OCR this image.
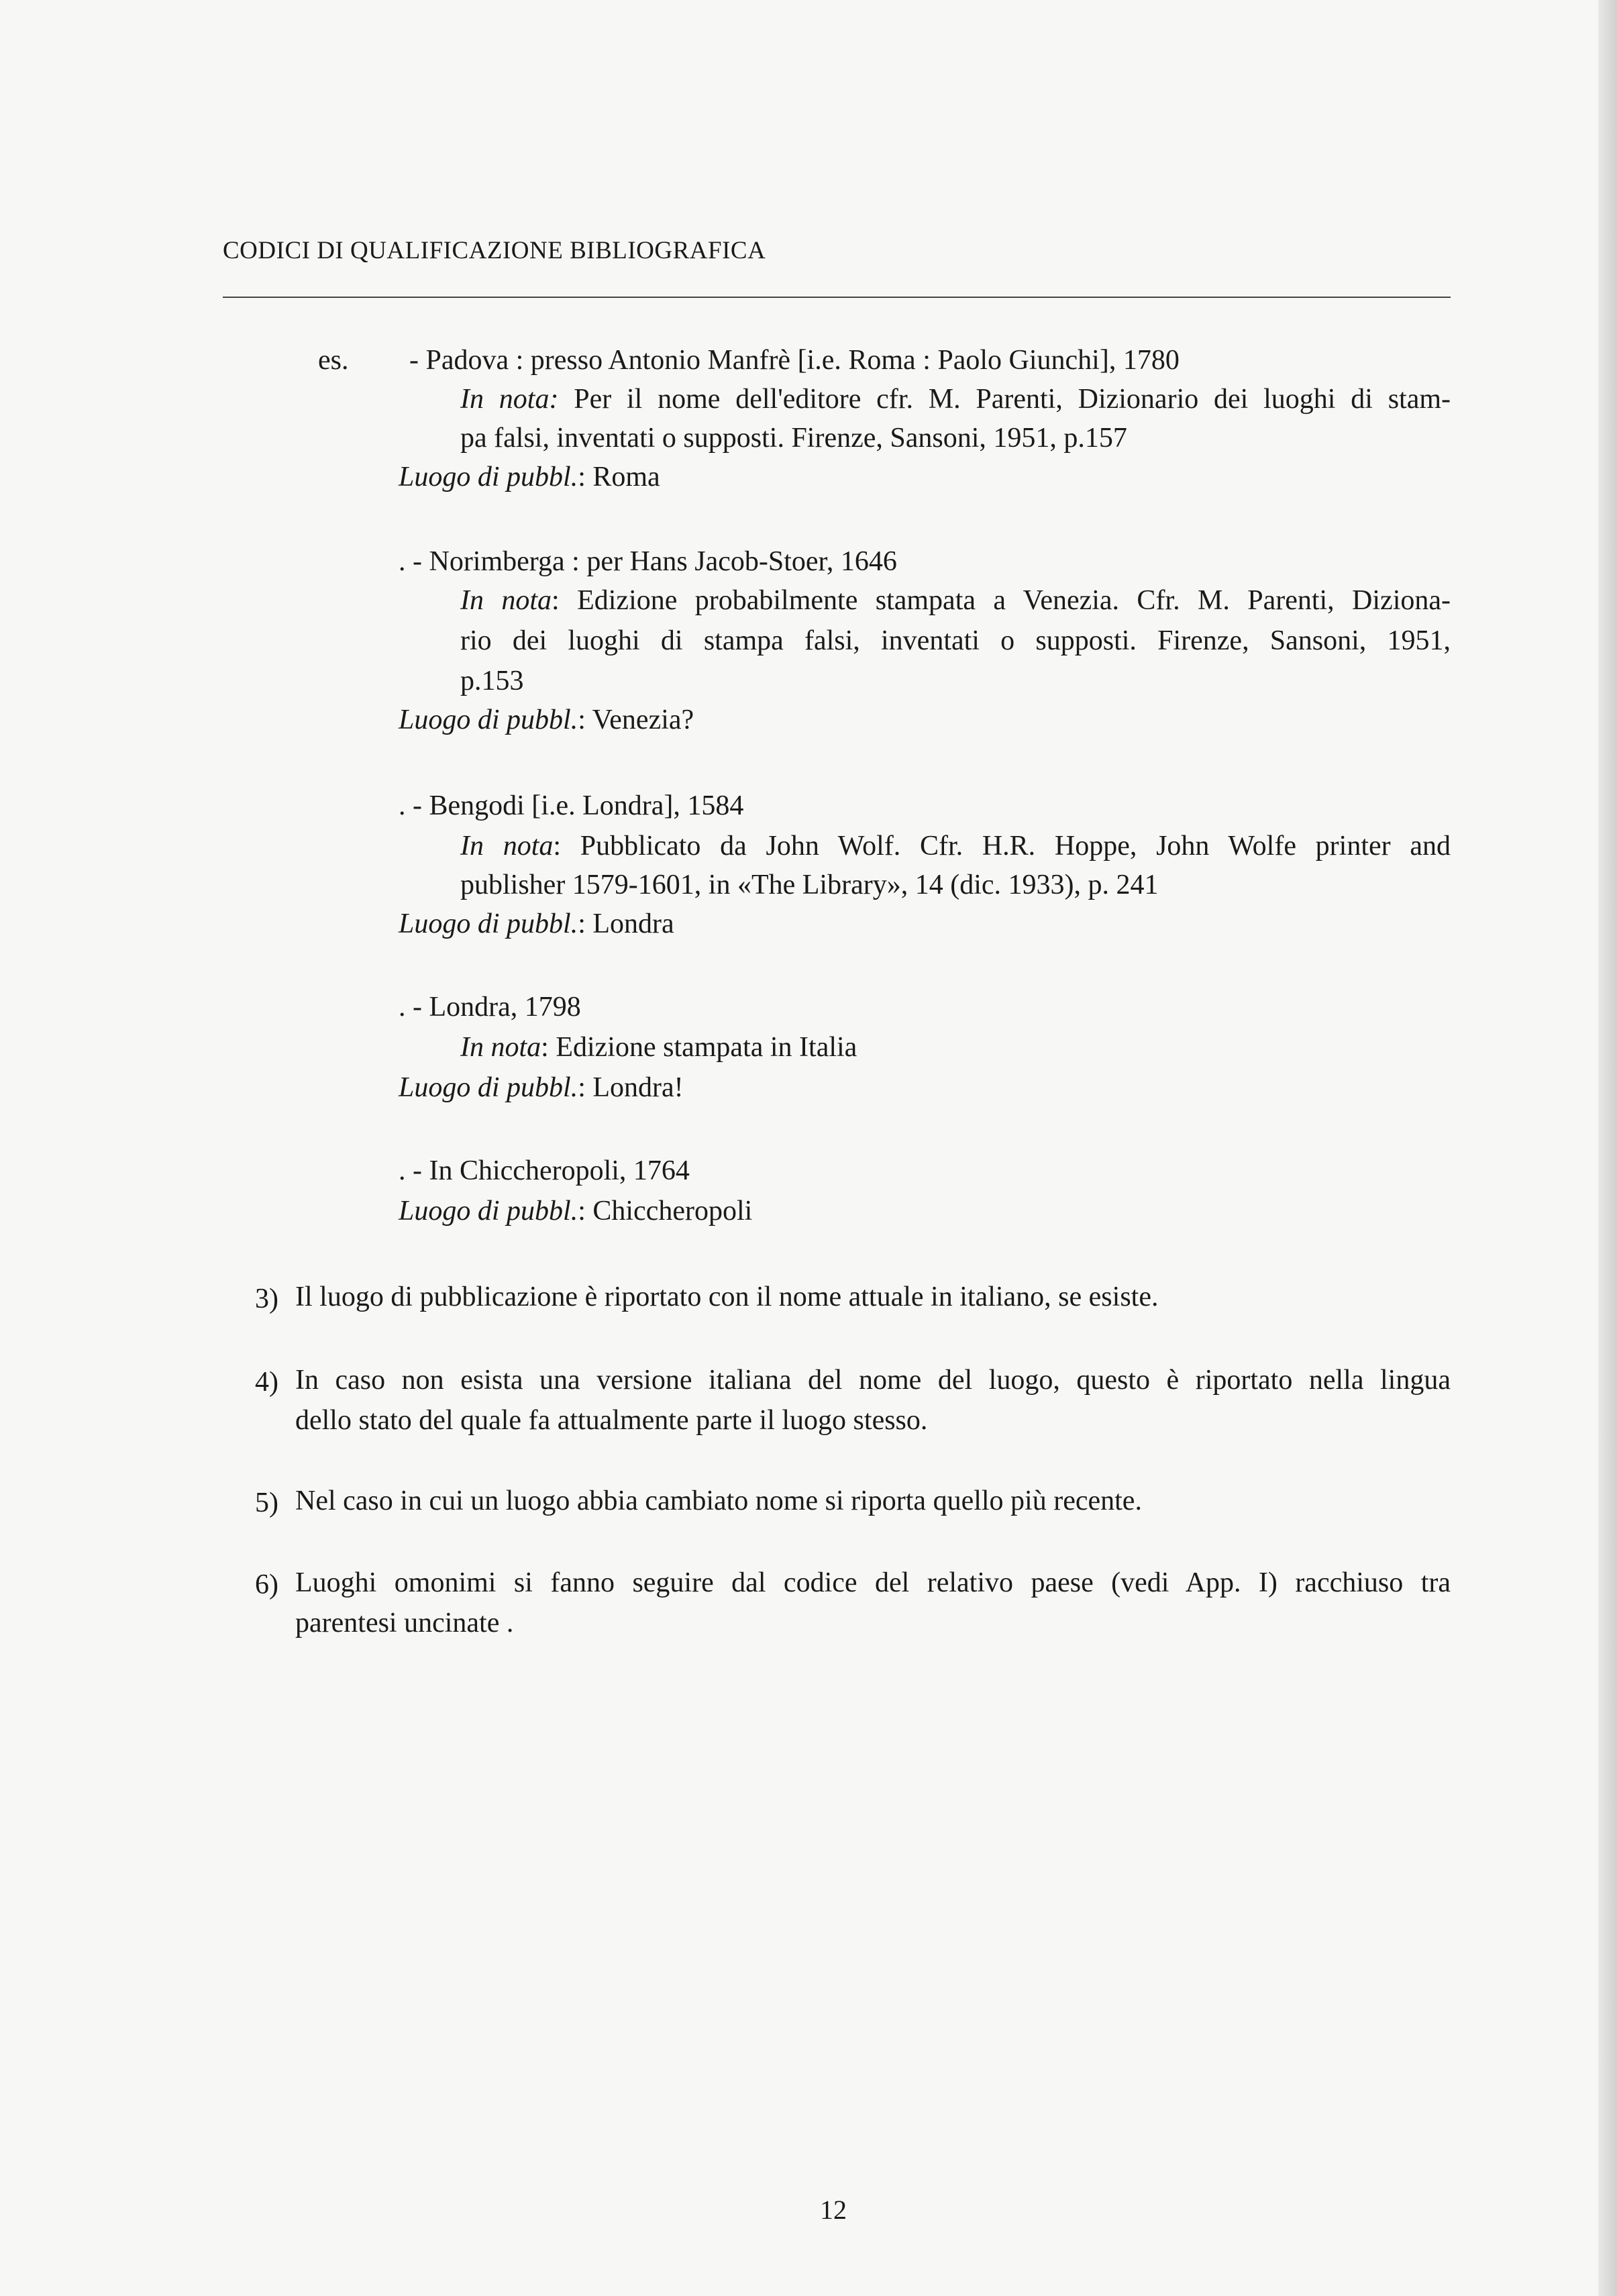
CODICI DI QUALIFICAZIONE BIBLIOGRAFICA
es. - Padova : presso Antonio Manfrè [i.e. Roma : Paolo Giunchi], 1780
In nota: Per il nome dell'editore cfr. M. Parenti, Dizionario dei luoghi di stam-
pa falsi, inventati o supposti. Firenze, Sansoni, 1951, p.157
Luogo di pubbl.: Roma
. - Norimberga : per Hans Jacob-Stoer, 1646
In nota: Edizione probabilmente stampata a Venezia. Cfr. M. Parenti, Diziona-
rio dei luoghi di stampa falsi, inventati o supposti. Firenze, Sansoni, 1951,
p.153
Luogo di pubbl.: Venezia?
. - Bengodi [i.e. Londra], 1584
In nota: Pubblicato da John Wolf. Cfr. H.R. Hoppe, John Wolfe printer and
publisher 1579-1601, in «The Library», 14 (dic. 1933), p. 241
Luogo di pubbl.: Londra
. - Londra, 1798
In nota: Edizione stampata in Italia
Luogo di pubbl.: Londra!
. - In Chiccheropoli, 1764
Luogo di pubbl.: Chiccheropoli
3) Il luogo di pubblicazione è riportato con il nome attuale in italiano, se esiste.
4) In caso non esista una versione italiana del nome del luogo, questo è riportato nella lingua
dello stato del quale fa attualmente parte il luogo stesso.
5) Nel caso in cui un luogo abbia cambiato nome si riporta quello più recente.
6) Luoghi omonimi si fanno seguire dal codice del relativo paese (vedi App. I) racchiuso tra
parentesi uncinate .
12
